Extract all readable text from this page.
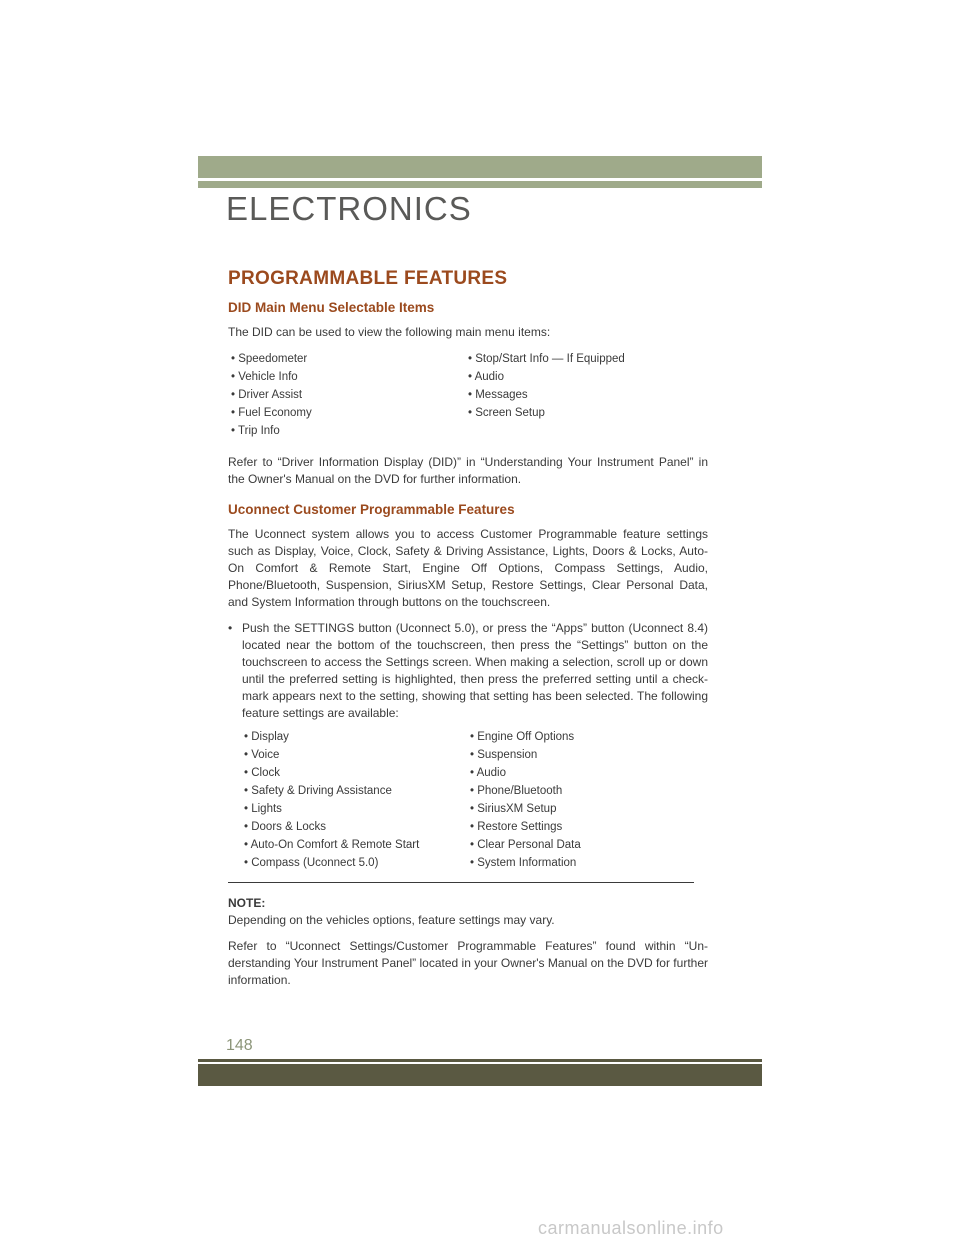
ELECTRONICS
PROGRAMMABLE FEATURES
DID Main Menu Selectable Items

The DID can be used to view the following main menu items:

• Speedometer	• Stop/Start Info — If Equipped
• Vehicle Info	• Audio
• Driver Assist	• Messages
• Fuel Economy	• Screen Setup
• Trip Info

Refer to “Driver Information Display (DID)” in “Understanding Your Instrument Panel” in the Owner's Manual on the DVD for further information.

Uconnect Customer Programmable Features

The Uconnect system allows you to access Customer Programmable feature settings such as Display, Voice, Clock, Safety & Driving Assistance, Lights, Doors & Locks, Auto-On Comfort & Remote Start, Engine Off Options, Compass Settings, Audio, Phone/Bluetooth, Suspension, SiriusXM Setup, Restore Settings, Clear Personal Data, and System Information through buttons on the touchscreen.

• Push the SETTINGS button (Uconnect 5.0), or press the “Apps” button (Uconnect 8.4) located near the bottom of the touchscreen, then press the “Settings” button on the touchscreen to access the Settings screen. When making a selection, scroll up or down until the preferred setting is highlighted, then press the preferred setting until a check-mark appears next to the setting, showing that setting has been selected. The following feature settings are available:
• Display	• Engine Off Options
• Voice	• Suspension
• Clock	• Audio
• Safety & Driving Assistance	• Phone/Bluetooth
• Lights	• SiriusXM Setup
• Doors & Locks	• Restore Settings
• Auto-On Comfort & Remote Start	• Clear Personal Data
• Compass (Uconnect 5.0)	• System Information

NOTE:

Depending on the vehicles options, feature settings may vary.

Refer to “Uconnect Settings/Customer Programmable Features” found within “Un-derstanding Your Instrument Panel” located in your Owner's Manual on the DVD for further information.

148
carmanualsonline.info
